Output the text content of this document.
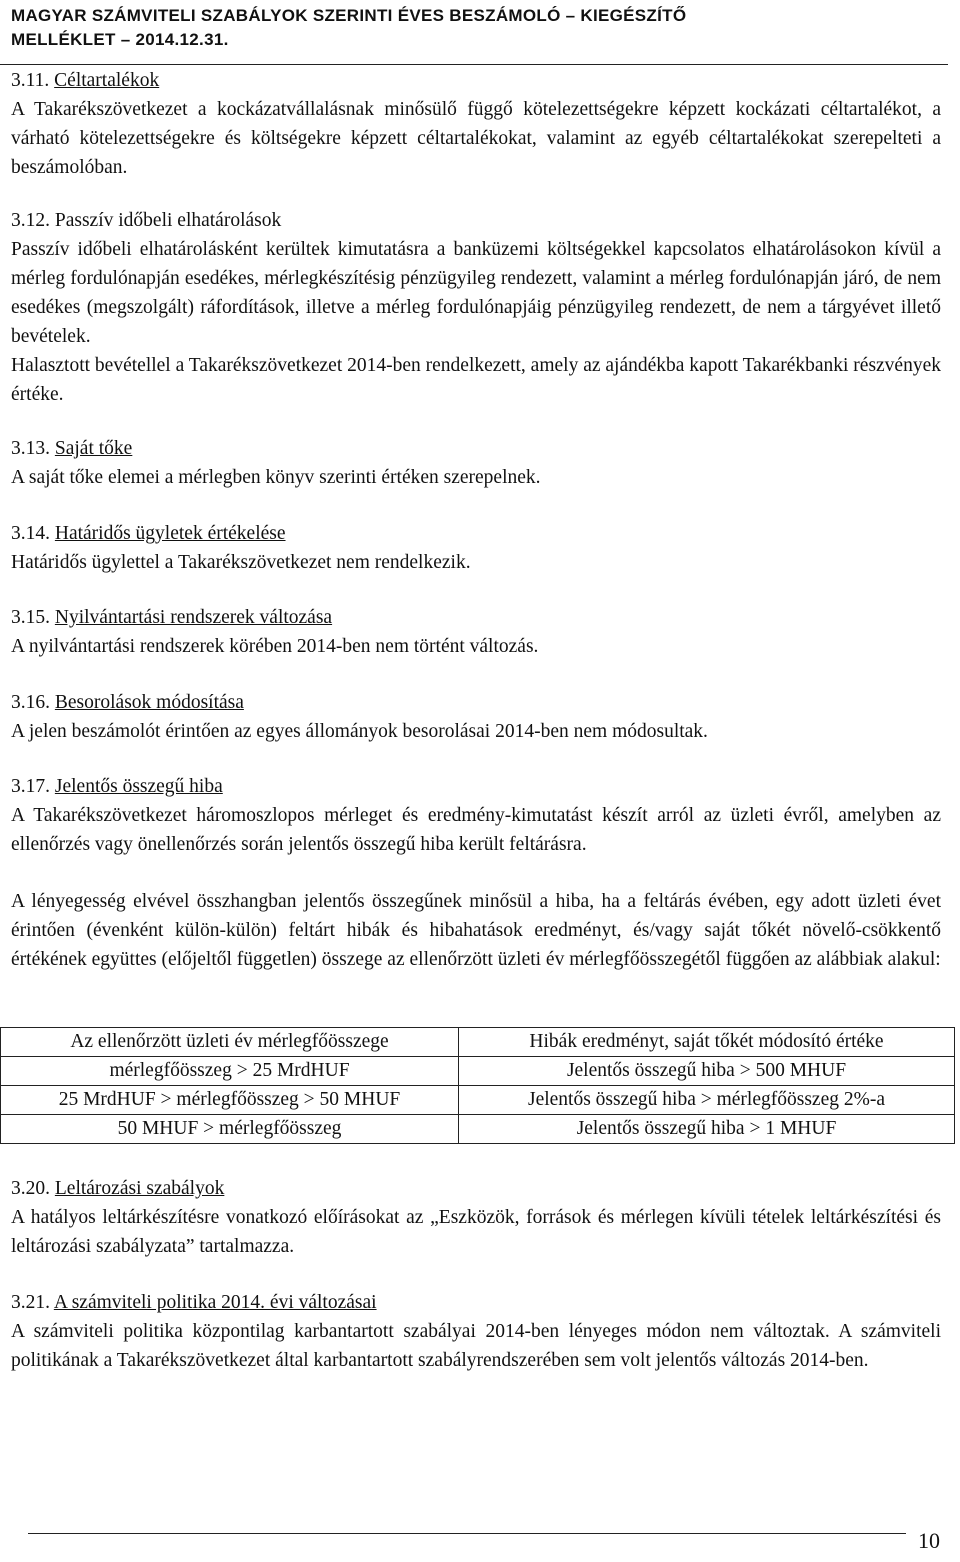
MAGYAR SZÁMVITELI SZABÁLYOK SZERINTI ÉVES BESZÁMOLÓ – KIEGÉSZÍTŐ
MELLÉKLET – 2014.12.31.
3.11. Céltartalékok
A Takarékszövetkezet a kockázatvállalásnak minősülő függő kötelezettségekre képzett kockázati céltartalékot, a várható kötelezettségekre és költségekre képzett céltartalékokat, valamint az egyéb céltartalékokat szerepelteti a beszámolóban.
3.12. Passzív időbeli elhatárolások
Passzív időbeli elhatárolásként kerültek kimutatásra a banküzemi költségekkel kapcsolatos elhatárolásokon kívül a mérleg fordulónapján esedékes, mérlegkészítésig pénzügyileg rendezett, valamint a mérleg fordulónapján járó, de nem esedékes (megszolgált) ráfordítások, illetve a mérleg fordulónapjáig pénzügyileg rendezett, de nem a tárgyévet illető bevételek.
Halasztott bevétellel a Takarékszövetkezet 2014-ben rendelkezett, amely az ajándékba kapott Takarékbanki részvények értéke.
3.13. Saját tőke
A saját tőke elemei a mérlegben könyv szerinti értéken szerepelnek.
3.14. Határidős ügyletek értékelése
Határidős ügylettel a Takarékszövetkezet nem rendelkezik.
3.15. Nyilvántartási rendszerek változása
A nyilvántartási rendszerek körében 2014-ben nem történt változás.
3.16. Besorolások módosítása
A jelen beszámolót érintően az egyes állományok besorolásai 2014-ben nem módosultak.
3.17. Jelentős összegű hiba
A Takarékszövetkezet háromoszlopos mérleget és eredmény-kimutatást készít arról az üzleti évről, amelyben az ellenőrzés vagy önellenőrzés során jelentős összegű hiba került feltárásra.
A lényegesség elvével összhangban jelentős összegűnek minősül a hiba, ha a feltárás évében, egy adott üzleti évet érintően (évenként külön-külön) feltárt hibák és hibahatások eredményt, és/vagy saját tőkét növelő-csökkentő értékének együttes (előjeltől független) összege az ellenőrzött üzleti év mérlegfőösszegétől függően az alábbiak alakul:
Az ellenőrzött üzleti év mérlegfőösszege	Hibák eredményt, saját tőkét módosító értéke
mérlegfőösszeg > 25 MrdHUF	Jelentős összegű hiba > 500 MHUF
25 MrdHUF > mérlegfőösszeg > 50 MHUF	Jelentős összegű hiba > mérlegfőösszeg 2%-a
50 MHUF > mérlegfőösszeg	Jelentős összegű hiba > 1 MHUF
3.20. Leltározási szabályok
A hatályos leltárkészítésre vonatkozó előírásokat az „Eszközök, források és mérlegen kívüli tételek leltárkészítési és leltározási szabályzata” tartalmazza.
3.21. A számviteli politika 2014. évi változásai
A számviteli politika központilag karbantartott szabályai 2014-ben lényeges módon nem változtak. A számviteli politikának a Takarékszövetkezet által karbantartott szabályrendszerében sem volt jelentős változás 2014-ben.
10
